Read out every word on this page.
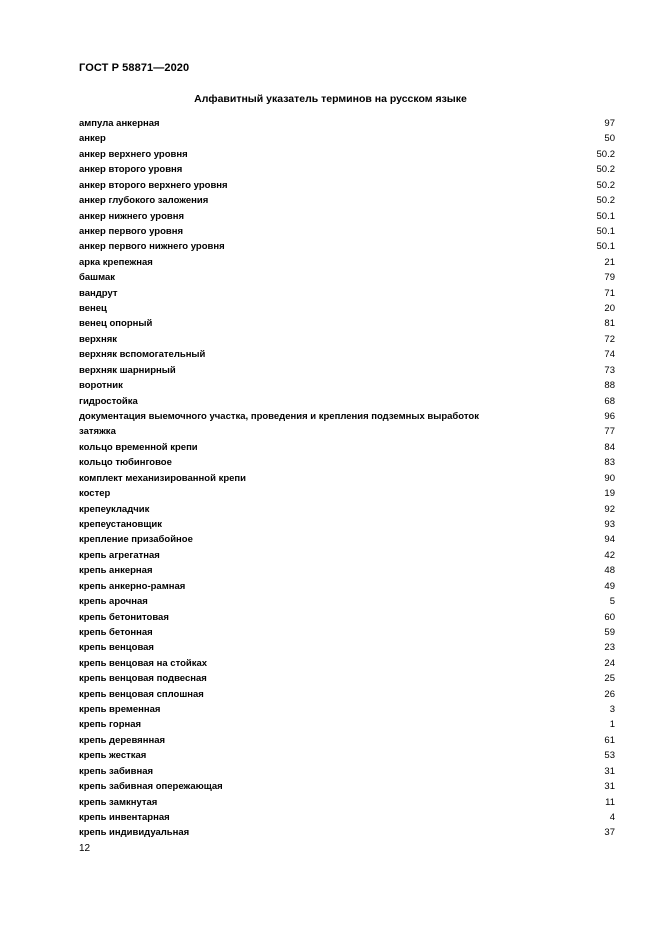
ГОСТ Р 58871—2020
Алфавитный указатель терминов на русском языке
ампула анкерная	97
анкер	50
анкер верхнего уровня	50.2
анкер второго уровня	50.2
анкер второго верхнего уровня	50.2
анкер глубокого заложения	50.2
анкер нижнего уровня	50.1
анкер первого уровня	50.1
анкер первого нижнего уровня	50.1
арка крепежная	21
башмак	79
вандрут	71
венец	20
венец опорный	81
верхняк	72
верхняк вспомогательный	74
верхняк шарнирный	73
воротник	88
гидростойка	68
документация выемочного участка, проведения и крепления подземных выработок	96
затяжка	77
кольцо временной крепи	84
кольцо тюбинговое	83
комплект механизированной крепи	90
костер	19
крепеукладчик	92
крепеустановщик	93
крепление призабойное	94
крепь агрегатная	42
крепь анкерная	48
крепь анкерно-рамная	49
крепь арочная	5
крепь бетонитовая	60
крепь бетонная	59
крепь венцовая	23
крепь венцовая на стойках	24
крепь венцовая подвесная	25
крепь венцовая сплошная	26
крепь временная	3
крепь горная	1
крепь деревянная	61
крепь жесткая	53
крепь забивная	31
крепь забивная опережающая	31
крепь замкнутая	11
крепь инвентарная	4
крепь индивидуальная	37
12
